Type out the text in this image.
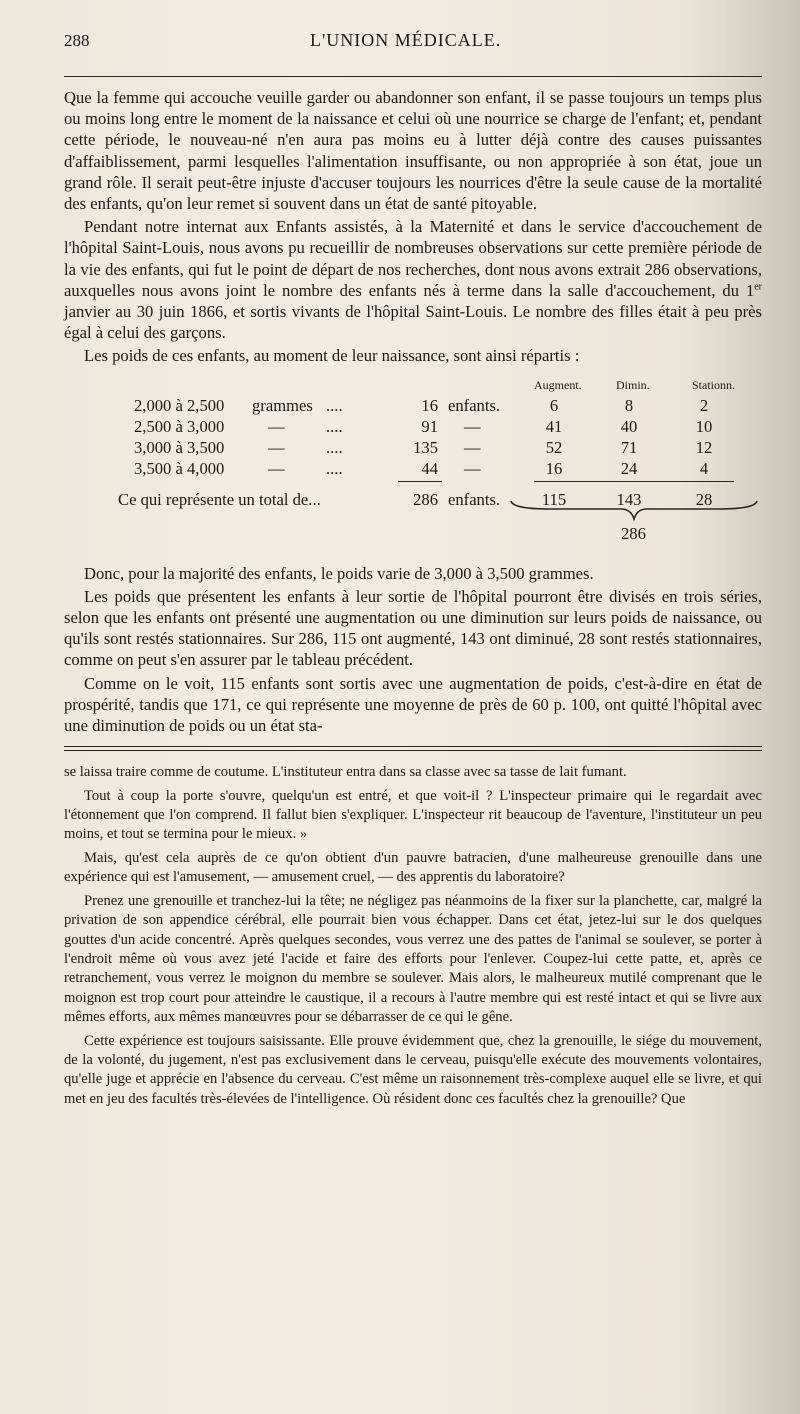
288	L'UNION MÉDICALE.

Que la femme qui accouche veuille garder ou abandonner son enfant, il se passe toujours un temps plus ou moins long entre le moment de la naissance et celui où une nourrice se charge de l'enfant; et, pendant cette période, le nouveau-né n'en aura pas moins eu à lutter déjà contre des causes puissantes d'affaiblissement, parmi lesquelles l'alimentation insuffisante, ou non appropriée à son état, joue un grand rôle. Il serait peut-être injuste d'accuser toujours les nourrices d'être la seule cause de la mortalité des enfants, qu'on leur remet si souvent dans un état de santé pitoyable.

Pendant notre internat aux Enfants assistés, à la Maternité et dans le service d'accouchement de l'hôpital Saint-Louis, nous avons pu recueillir de nombreuses observations sur cette première période de la vie des enfants, qui fut le point de départ de nos recherches, dont nous avons extrait 286 observations, auxquelles nous avons joint le nombre des enfants nés à terme dans la salle d'accouchement, du 1er janvier au 30 juin 1866, et sortis vivants de l'hôpital Saint-Louis. Le nombre des filles était à peu près égal à celui des garçons.

Les poids de ces enfants, au moment de leur naissance, sont ainsi répartis :

Augment.	Dimin.	Stationn.
2,000 à 2,500 grammes ....	16 enfants.	6	8	2
2,500 à 3,000	— ....	91 —	41	40	10
3,000 à 3,500	— ....	135 —	52	71	12
3,500 à 4,000	— ....	44 —	16	24	4
Ce qui représente un total de...	286 enfants.	115	143	28
286

Donc, pour la majorité des enfants, le poids varie de 3,000 à 3,500 grammes.

Les poids que présentent les enfants à leur sortie de l'hôpital pourront être divisés en trois séries, selon que les enfants ont présenté une augmentation ou une diminution sur leurs poids de naissance, ou qu'ils sont restés stationnaires. Sur 286, 115 ont augmenté, 143 ont diminué, 28 sont restés stationnaires, comme on peut s'en assurer par le tableau précédent.

Comme on le voit, 115 enfants sont sortis avec une augmentation de poids, c'est-à-dire en état de prospérité, tandis que 171, ce qui représente une moyenne de près de 60 p. 100, ont quitté l'hôpital avec une diminution de poids ou un état sta-

se laissa traire comme de coutume. L'instituteur entra dans sa classe avec sa tasse de lait fumant.

Tout à coup la porte s'ouvre, quelqu'un est entré, et que voit-il ? L'inspecteur primaire qui le regardait avec l'étonnement que l'on comprend. Il fallut bien s'expliquer. L'inspecteur rit beaucoup de l'aventure, l'instituteur un peu moins, et tout se termina pour le mieux. »

Mais, qu'est cela auprès de ce qu'on obtient d'un pauvre batracien, d'une malheureuse grenouille dans une expérience qui est l'amusement, — amusement cruel, — des apprentis du laboratoire?

Prenez une grenouille et tranchez-lui la tête; ne négligez pas néanmoins de la fixer sur la planchette, car, malgré la privation de son appendice cérébral, elle pourrait bien vous échapper. Dans cet état, jetez-lui sur le dos quelques gouttes d'un acide concentré. Après quelques secondes, vous verrez une des pattes de l'animal se soulever, se porter à l'endroit même où vous avez jeté l'acide et faire des efforts pour l'enlever. Coupez-lui cette patte, et, après ce retranchement, vous verrez le moignon du membre se soulever. Mais alors, le malheureux mutilé comprenant que le moignon est trop court pour atteindre le caustique, il a recours à l'autre membre qui est resté intact et qui se livre aux mêmes efforts, aux mêmes manœuvres pour se débarrasser de ce qui le gêne.

Cette expérience est toujours saisissante. Elle prouve évidemment que, chez la grenouille, le siége du mouvement, de la volonté, du jugement, n'est pas exclusivement dans le cerveau, puisqu'elle exécute des mouvements volontaires, qu'elle juge et apprécie en l'absence du cerveau. C'est même un raisonnement très-complexe auquel elle se livre, et qui met en jeu des facultés très-élevées de l'intelligence. Où résident donc ces facultés chez la grenouille? Que
